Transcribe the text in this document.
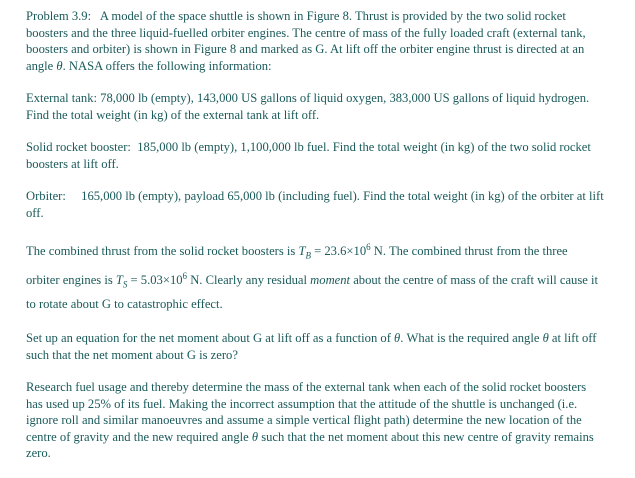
Problem 3.9: A model of the space shuttle is shown in Figure 8. Thrust is provided by the two solid rocket boosters and the three liquid-fuelled orbiter engines. The centre of mass of the fully loaded craft (external tank, boosters and orbiter) is shown in Figure 8 and marked as G. At lift off the orbiter engine thrust is directed at an angle θ. NASA offers the following information:

External tank: 78,000 lb (empty), 143,000 US gallons of liquid oxygen, 383,000 US gallons of liquid hydrogen. Find the total weight (in kg) of the external tank at lift off.

Solid rocket booster: 185,000 lb (empty), 1,100,000 lb fuel. Find the total weight (in kg) of the two solid rocket boosters at lift off.

Orbiter: 165,000 lb (empty), payload 65,000 lb (including fuel). Find the total weight (in kg) of the orbiter at lift off.

The combined thrust from the solid rocket boosters is $T_B = 23.6\times 10^6$ N. The combined thrust from the three orbiter engines is $T_S = 5.03\times 10^6$ N. Clearly any residual moment about the centre of mass of the craft will cause it to rotate about G to catastrophic effect.

Set up an equation for the net moment about G at lift off as a function of θ. What is the required angle θ at lift off such that the net moment about G is zero?

Research fuel usage and thereby determine the mass of the external tank when each of the solid rocket boosters has used up 25% of its fuel. Making the incorrect assumption that the attitude of the shuttle is unchanged (i.e. ignore roll and similar manoeuvres and assume a simple vertical flight path) determine the new location of the centre of gravity and the new required angle θ such that the net moment about this new centre of gravity remains zero.
